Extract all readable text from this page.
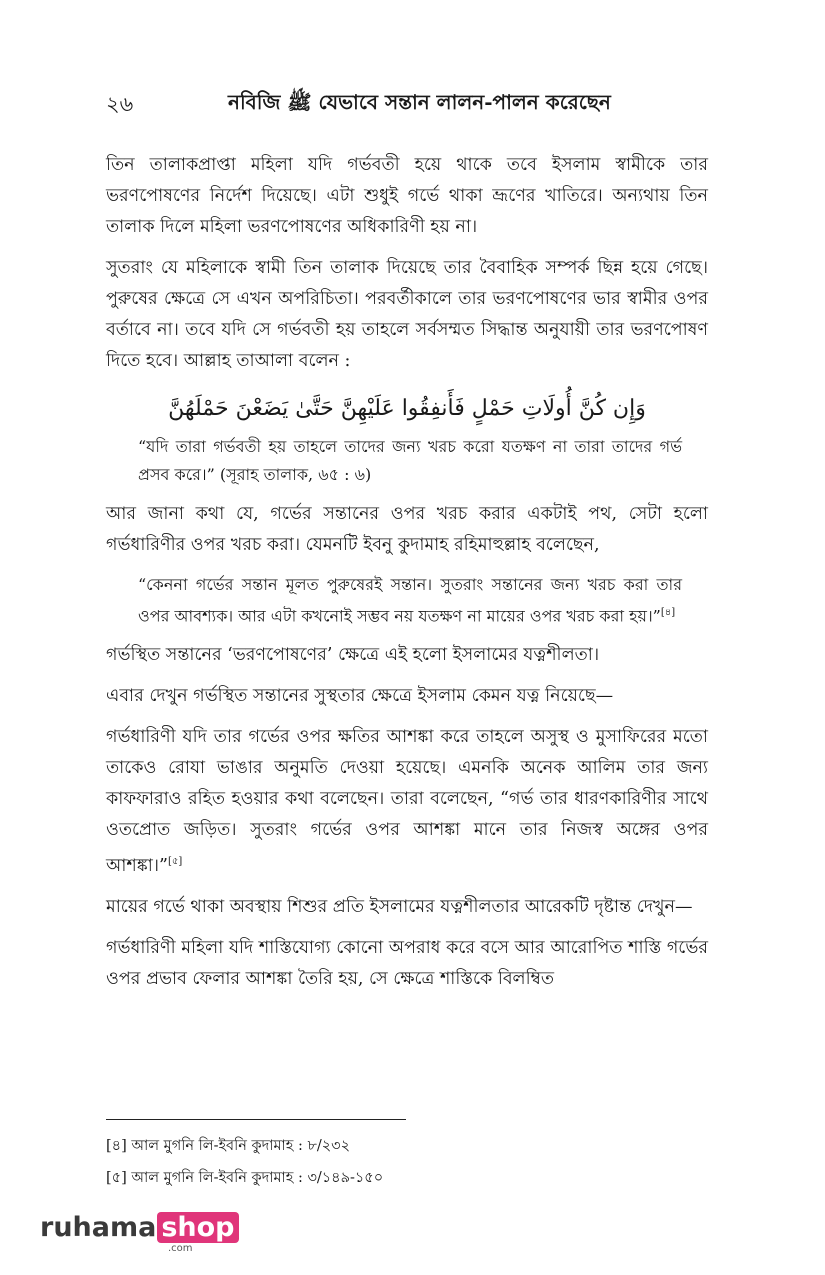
২৬	নবিজি ﷺ যেভাবে সন্তান লালন-পালন করেছেন

তিন তালাকপ্রাপ্তা মহিলা যদি গর্ভবতী হয়ে থাকে তবে ইসলাম স্বামীকে তার ভরণপোষণের নির্দেশ দিয়েছে। এটা শুধুই গর্ভে থাকা ভ্রূণের খাতিরে। অন্যথায় তিন তালাক দিলে মহিলা ভরণপোষণের অধিকারিণী হয় না।

সুতরাং যে মহিলাকে স্বামী তিন তালাক দিয়েছে তার বৈবাহিক সম্পর্ক ছিন্ন হয়ে গেছে। পুরুষের ক্ষেত্রে সে এখন অপরিচিতা। পরবর্তীকালে তার ভরণপোষণের ভার স্বামীর ওপর বর্তাবে না। তবে যদি সে গর্ভবতী হয় তাহলে সর্বসম্মত সিদ্ধান্ত অনুযায়ী তার ভরণপোষণ দিতে হবে। আল্লাহ তাআলা বলেন :

وَإِن كُنَّ أُولَاتِ حَمْلٍ فَأَنفِقُوا عَلَيْهِنَّ حَتَّىٰ يَضَعْنَ حَمْلَهُنَّ

“যদি তারা গর্ভবতী হয় তাহলে তাদের জন্য খরচ করো যতক্ষণ না তারা তাদের গর্ভ প্রসব করে।” (সূরাহ তালাক, ৬৫ : ৬)

আর জানা কথা যে, গর্ভের সন্তানের ওপর খরচ করার একটাই পথ, সেটা হলো গর্ভধারিণীর ওপর খরচ করা। যেমনটি ইবনু কুদামাহ রহিমাহুল্লাহ বলেছেন,

“কেননা গর্ভের সন্তান মূলত পুরুষেরই সন্তান। সুতরাং সন্তানের জন্য খরচ করা তার ওপর আবশ্যক। আর এটা কখনোই সম্ভব নয় যতক্ষণ না মায়ের ওপর খরচ করা হয়।”[৪]

গর্ভস্থিত সন্তানের ‘ভরণপোষণের’ ক্ষেত্রে এই হলো ইসলামের যত্নশীলতা।

এবার দেখুন গর্ভস্থিত সন্তানের সুস্থতার ক্ষেত্রে ইসলাম কেমন যত্ন নিয়েছে—

গর্ভধারিণী যদি তার গর্ভের ওপর ক্ষতির আশঙ্কা করে তাহলে অসুস্থ ও মুসাফিরের মতো তাকেও রোযা ভাঙার অনুমতি দেওয়া হয়েছে। এমনকি অনেক আলিম তার জন্য কাফফারাও রহিত হওয়ার কথা বলেছেন। তারা বলেছেন, “গর্ভ তার ধারণকারিণীর সাথে ওতপ্রোত জড়িত। সুতরাং গর্ভের ওপর আশঙ্কা মানে তার নিজস্ব অঙ্গের ওপর আশঙ্কা।”[৫]

মায়ের গর্ভে থাকা অবস্থায় শিশুর প্রতি ইসলামের যত্নশীলতার আরেকটি দৃষ্টান্ত দেখুন—

গর্ভধারিণী মহিলা যদি শাস্তিযোগ্য কোনো অপরাধ করে বসে আর আরোপিত শাস্তি গর্ভের ওপর প্রভাব ফেলার আশঙ্কা তৈরি হয়, সে ক্ষেত্রে শাস্তিকে বিলম্বিত

[৪] আল মুগনি লি-ইবনি কুদামাহ : ৮/২৩২
[৫] আল মুগনি লি-ইবনি কুদামাহ : ৩/১৪৯-১৫০
ruhama shop
.com
